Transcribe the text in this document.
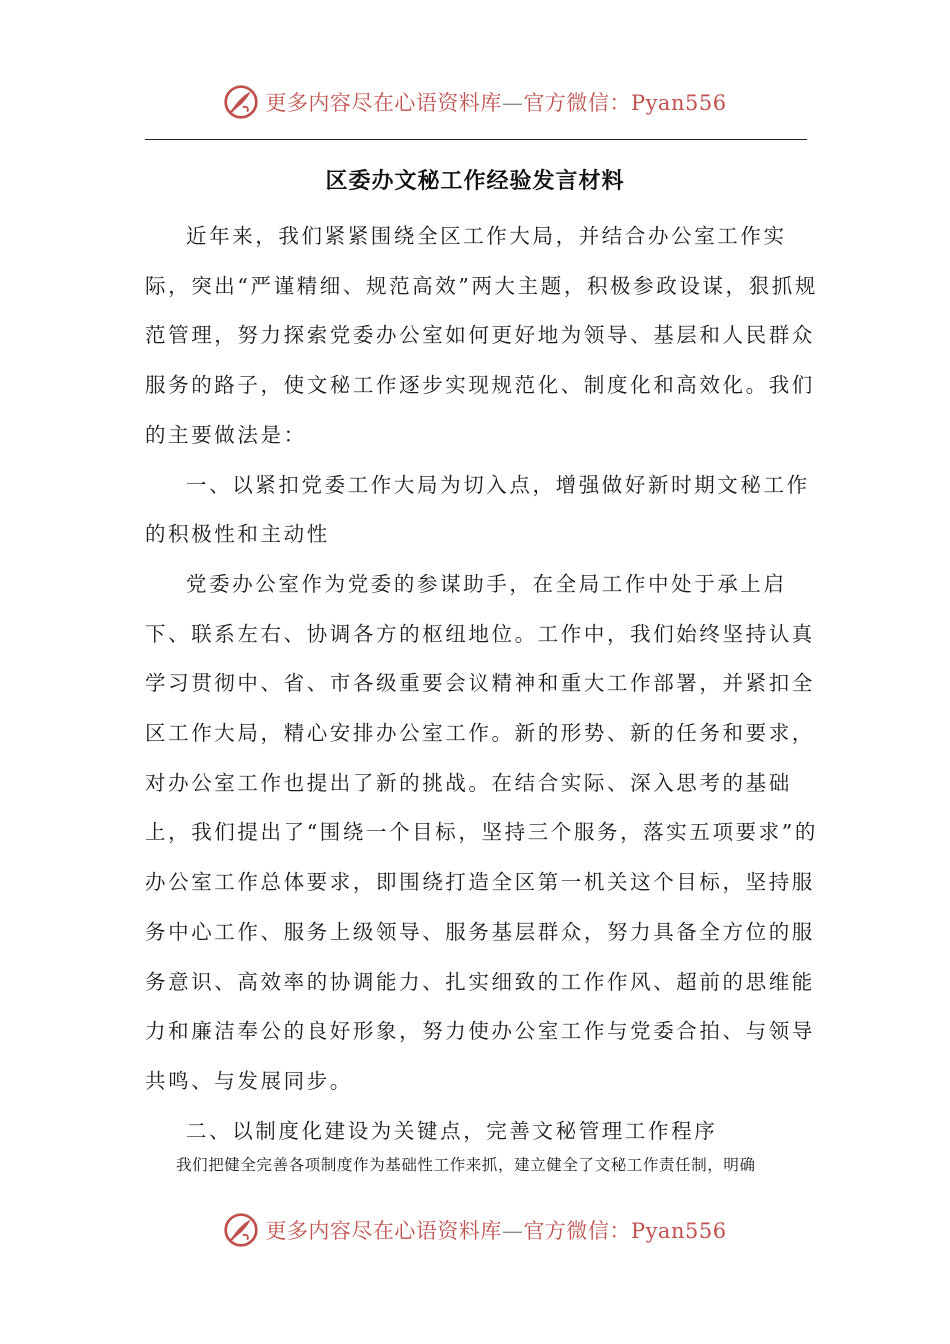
更多内容尽在心语资料库—官方微信：Pyan556
区委办文秘工作经验发言材料

近年来，我们紧紧围绕全区工作大局，并结合办公室工作实际，突出“严谨精细、规范高效”两大主题，积极参政设谋，狠抓规范管理，努力探索党委办公室如何更好地为领导、基层和人民群众服务的路子，使文秘工作逐步实现规范化、制度化和高效化。我们的主要做法是：

一、以紧扣党委工作大局为切入点，增强做好新时期文秘工作的积极性和主动性

党委办公室作为党委的参谋助手，在全局工作中处于承上启下、联系左右、协调各方的枢纽地位。工作中，我们始终坚持认真学习贯彻中、省、市各级重要会议精神和重大工作部署，并紧扣全区工作大局，精心安排办公室工作。新的形势、新的任务和要求，对办公室工作也提出了新的挑战。在结合实际、深入思考的基础上，我们提出了“围绕一个目标，坚持三个服务，落实五项要求”的办公室工作总体要求，即围绕打造全区第一机关这个目标，坚持服务中心工作、服务上级领导、服务基层群众，努力具备全方位的服务意识、高效率的协调能力、扎实细致的工作作风、超前的思维能力和廉洁奉公的良好形象，努力使办公室工作与党委合拍、与领导共鸣、与发展同步。

二、以制度化建设为关键点，完善文秘管理工作程序

我们把健全完善各项制度作为基础性工作来抓，建立健全了文秘工作责任制，明确

更多内容尽在心语资料库—官方微信：Pyan556
